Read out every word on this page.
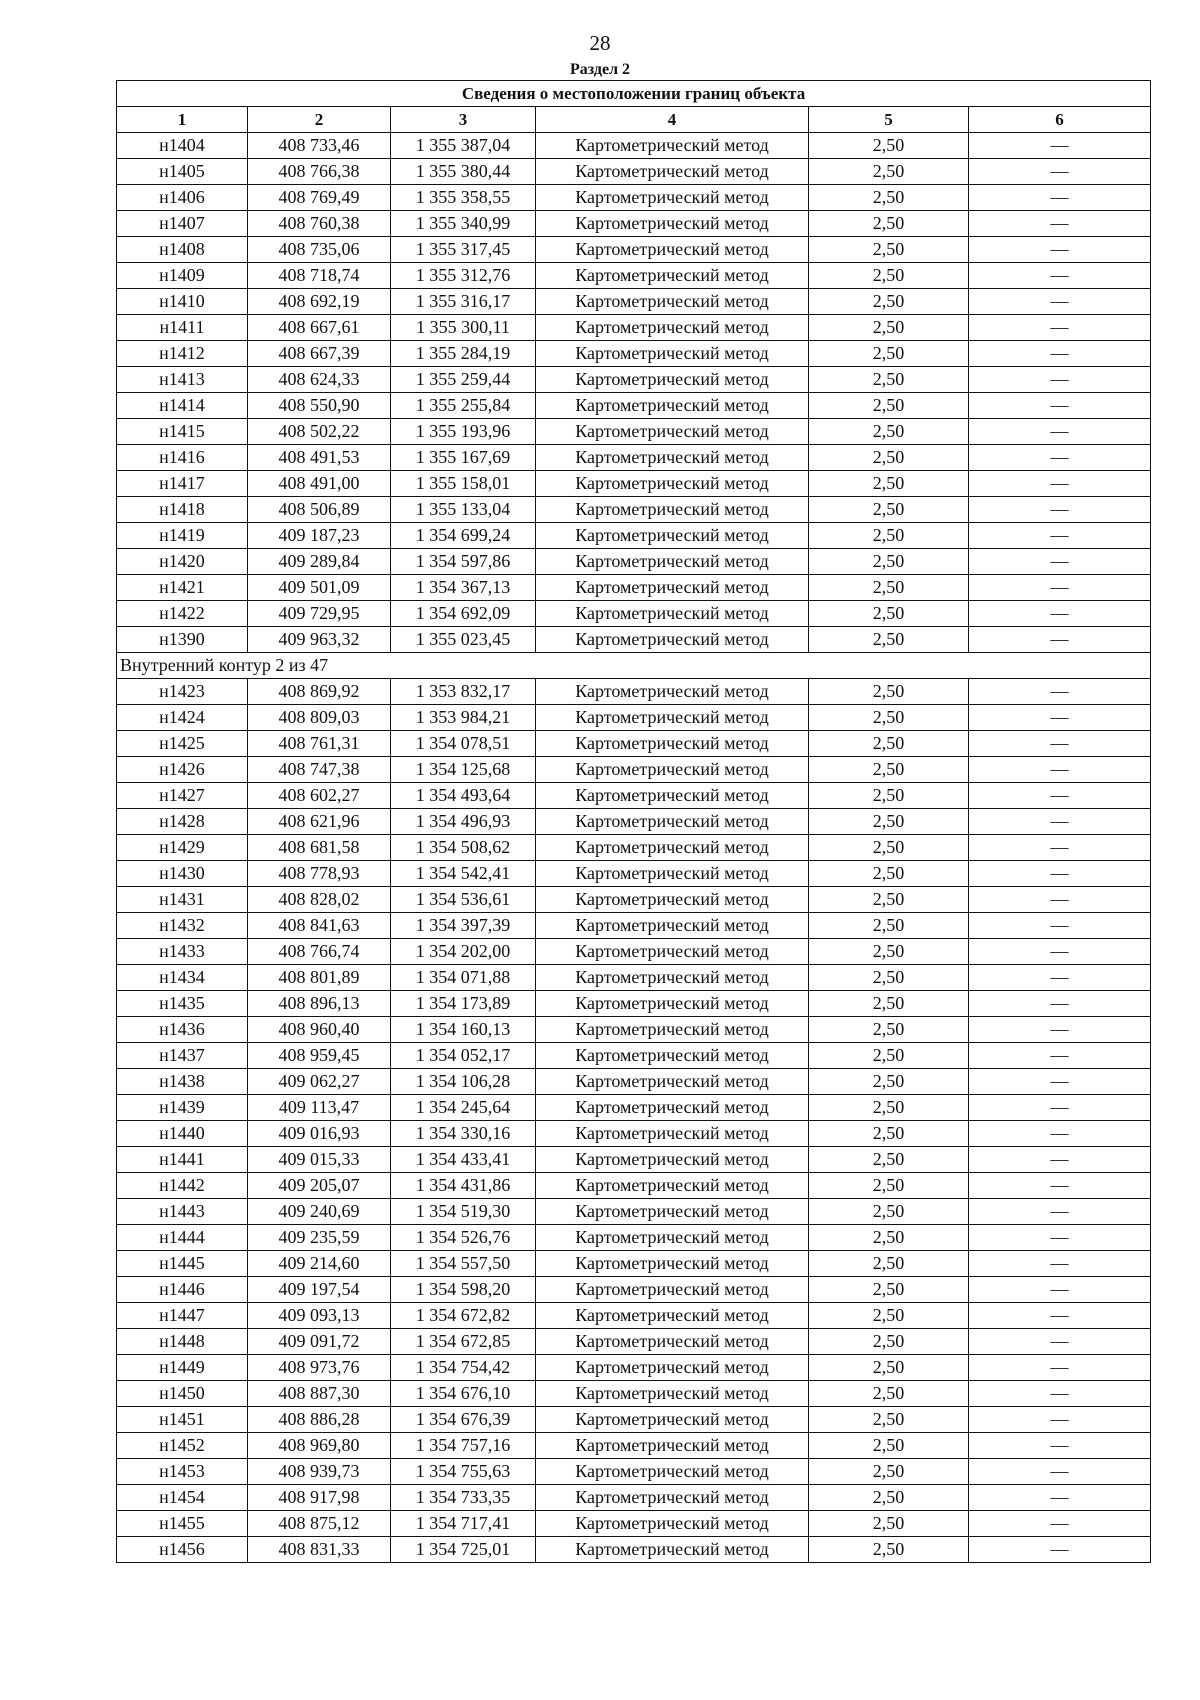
28
Раздел 2
Сведения о местоположении границ объекта					
1	2	3	4	5	6
н1404	408 733,46	1 355 387,04	Картометрический метод	2,50	—
н1405	408 766,38	1 355 380,44	Картометрический метод	2,50	—
н1406	408 769,49	1 355 358,55	Картометрический метод	2,50	—
н1407	408 760,38	1 355 340,99	Картометрический метод	2,50	—
н1408	408 735,06	1 355 317,45	Картометрический метод	2,50	—
н1409	408 718,74	1 355 312,76	Картометрический метод	2,50	—
н1410	408 692,19	1 355 316,17	Картометрический метод	2,50	—
н1411	408 667,61	1 355 300,11	Картометрический метод	2,50	—
н1412	408 667,39	1 355 284,19	Картометрический метод	2,50	—
н1413	408 624,33	1 355 259,44	Картометрический метод	2,50	—
н1414	408 550,90	1 355 255,84	Картометрический метод	2,50	—
н1415	408 502,22	1 355 193,96	Картометрический метод	2,50	—
н1416	408 491,53	1 355 167,69	Картометрический метод	2,50	—
н1417	408 491,00	1 355 158,01	Картометрический метод	2,50	—
н1418	408 506,89	1 355 133,04	Картометрический метод	2,50	—
н1419	409 187,23	1 354 699,24	Картометрический метод	2,50	—
н1420	409 289,84	1 354 597,86	Картометрический метод	2,50	—
н1421	409 501,09	1 354 367,13	Картометрический метод	2,50	—
н1422	409 729,95	1 354 692,09	Картометрический метод	2,50	—
н1390	409 963,32	1 355 023,45	Картометрический метод	2,50	—
Внутренний контур 2 из 47					
н1423	408 869,92	1 353 832,17	Картометрический метод	2,50	—
н1424	408 809,03	1 353 984,21	Картометрический метод	2,50	—
н1425	408 761,31	1 354 078,51	Картометрический метод	2,50	—
н1426	408 747,38	1 354 125,68	Картометрический метод	2,50	—
н1427	408 602,27	1 354 493,64	Картометрический метод	2,50	—
н1428	408 621,96	1 354 496,93	Картометрический метод	2,50	—
н1429	408 681,58	1 354 508,62	Картометрический метод	2,50	—
н1430	408 778,93	1 354 542,41	Картометрический метод	2,50	—
н1431	408 828,02	1 354 536,61	Картометрический метод	2,50	—
н1432	408 841,63	1 354 397,39	Картометрический метод	2,50	—
н1433	408 766,74	1 354 202,00	Картометрический метод	2,50	—
н1434	408 801,89	1 354 071,88	Картометрический метод	2,50	—
н1435	408 896,13	1 354 173,89	Картометрический метод	2,50	—
н1436	408 960,40	1 354 160,13	Картометрический метод	2,50	—
н1437	408 959,45	1 354 052,17	Картометрический метод	2,50	—
н1438	409 062,27	1 354 106,28	Картометрический метод	2,50	—
н1439	409 113,47	1 354 245,64	Картометрический метод	2,50	—
н1440	409 016,93	1 354 330,16	Картометрический метод	2,50	—
н1441	409 015,33	1 354 433,41	Картометрический метод	2,50	—
н1442	409 205,07	1 354 431,86	Картометрический метод	2,50	—
н1443	409 240,69	1 354 519,30	Картометрический метод	2,50	—
н1444	409 235,59	1 354 526,76	Картометрический метод	2,50	—
н1445	409 214,60	1 354 557,50	Картометрический метод	2,50	—
н1446	409 197,54	1 354 598,20	Картометрический метод	2,50	—
н1447	409 093,13	1 354 672,82	Картометрический метод	2,50	—
н1448	409 091,72	1 354 672,85	Картометрический метод	2,50	—
н1449	408 973,76	1 354 754,42	Картометрический метод	2,50	—
н1450	408 887,30	1 354 676,10	Картометрический метод	2,50	—
н1451	408 886,28	1 354 676,39	Картометрический метод	2,50	—
н1452	408 969,80	1 354 757,16	Картометрический метод	2,50	—
н1453	408 939,73	1 354 755,63	Картометрический метод	2,50	—
н1454	408 917,98	1 354 733,35	Картометрический метод	2,50	—
н1455	408 875,12	1 354 717,41	Картометрический метод	2,50	—
н1456	408 831,33	1 354 725,01	Картометрический метод	2,50	—
